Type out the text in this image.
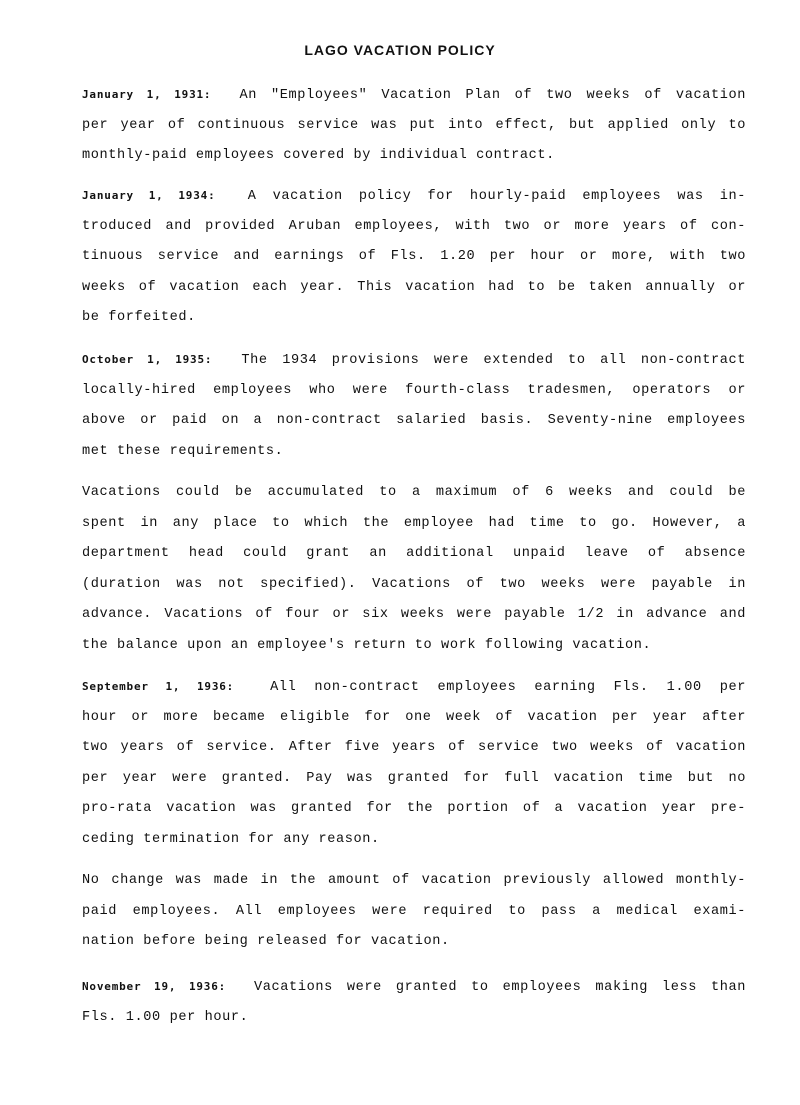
LAGO VACATION POLICY
January 1, 1931: An "Employees" Vacation Plan of two weeks of vacation
per year of continuous service was put into effect, but applied only to
monthly-paid employees covered by individual contract.
January 1, 1934: A vacation policy for hourly-paid employees was in-
troduced and provided Aruban employees, with two or more years of con-
tinuous service and earnings of Fls. 1.20 per hour or more, with two
weeks of vacation each year. This vacation had to be taken annually or
be forfeited.
October 1, 1935: The 1934 provisions were extended to all non-contract
locally-hired employees who were fourth-class tradesmen, operators or
above or paid on a non-contract salaried basis. Seventy-nine employees
met these requirements.
Vacations could be accumulated to a maximum of 6 weeks and could be
spent in any place to which the employee had time to go. However, a
department head could grant an additional unpaid leave of absence
(duration was not specified). Vacations of two weeks were payable in
advance. Vacations of four or six weeks were payable 1/2 in advance and
the balance upon an employee's return to work following vacation.
September 1, 1936:	All non-contract employees earning Fls. 1.00 per
hour or more became eligible for one week of vacation per year after
two years of service. After five years of service two weeks of vacation
per year were granted. Pay was granted for full vacation time but no
pro-rata vacation was granted for the portion of a vacation year pre-
ceding termination for any reason.
No change was made in the amount of vacation previously allowed monthly-
paid employees. All employees were required to pass a medical exami-
nation before being released for vacation.
November 19, 1936: Vacations were granted to employees making less than
Fls. 1.00 per hour.
